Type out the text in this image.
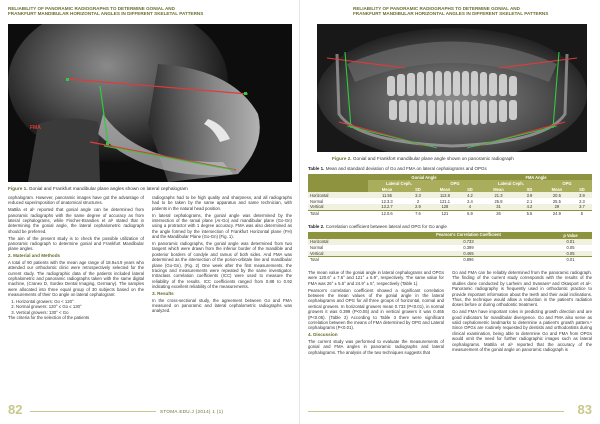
RELIABILITY OF PANORAMIC RADIOGRAPHS TO DETERMINE GONIAL AND
FRANKFURT MANDIBULAR HORIZONTAL ANGLES IN DIFFERENT SKELETAL PATTERNS
FMA
Figure 1. Gonial and Frankfurt mandibular plane angles shown on lateral cephalogram

cephalogram. However, panoramic images have got the advantage of reduced superimposition of anatomical structures.

Mattila et al¹ reported that gonial angle can be determined from panoramic radiographs with the same degree of accuracy as from lateral cephalograms, while Fischer-Brandies et al² stated that in determining the gonial angle, the lateral cephalometric radiograph should be preferred.

The aim of the present study is to check the possible utilization of panoramic radiograph to determine gonial and Frankfurt Mandibular plane angles.

2. Material and Methods

A total of 90 patients with the mean age range of 18.9±4.9 years who attended our orthodontic clinic were retrospectively selected for the current study. The radiographic data of the patients included lateral cephalometric and panoramic radiographs taken with the same digital machine, (Cranex D, Sordex Dental Imaging, Germany). The samples were allocated into three equal group of 30 subjects based on the measurements of their Go angle on lateral cephalogram:

1. Horizontal growers: Go < 120°
2. Normal growers: 120° ≤ Go ≤ 130°
3. Vertical growers: 130° < Go

The criteria for the selection of the patients

radiographs had to be high quality and sharpness, and all radiographs had to be taken by the same apparatus and same technician, with patients in the natural head position.

In lateral cephalograms, the gonial angle was determined by the intersection of the ramal plane (Ar-Go) and mandibular plane (Go-Gn) using a protractor with 1 degree accuracy. FMA was also determined as the angle formed by the intersection of Frankfurt Horizontal plane (FH) and the Mandibular Plane (Go-Gn) (Fig. 1).

In panoramic radiographs, the gonial angle was determined from two tangent which were drawn from the inferior border of the mandible and posterior borders of condyle and ramus of both sides. And FMA was determined as the intersection of the porion-orbitale line and mandibular plane (Go-Gn). (Fig. 2) One week after the first measurements, the tracings and measurements were repeated by the same investigator. Intraclass correlation coefficients (ICC) were used to measure the reliability of the results. ICC coefficients ranged from 0.88 to 0.92 indicating excellent reliability of the measurements.

3. Results

In the cross-sectional study, the agreement between Go and FMA measured on panoramic and lateral cephalometric radiographs was analyzed.

82	STOMA.EDU.J (2014) 1 (1)
RELIABILITY OF PANORAMIC RADIOGRAPHS TO DETERMINE GONIAL AND
FRANKFURT MANDIBULAR HORIZONTAL ANGLES IN DIFFERENT SKELETAL PATTERNS
Figure 2. Gonial and Frankfort mandibular plane angle shown on panoramic radiograph
Table 1. Mean and standard deviation of Go and FMA on lateral cephalograms and OPGs
	Gonial Angle				FMA Angle			
	Lateral Ceph.		OPG		Lateral Ceph.		OPG	
	Mean	SD	Mean	SD	Mean	SD	Mean	SD
Horizontal	11.55	3.3	113.8	4.2	21.3	3.9	20.5	3.9
Normal	12.3.3	2	121.1	2.4	25.8	2.1	25.5	2.3
Vertical	13.2.7	2.9	128	4	31	4.2	29	3.7
Total	12.0.6	7.6	121	6.9	26	5.5	24.9	5
Table 2. Correlation coefficient between lateral and OPG for Go angle
	Pearson's Correlation Coefficient	p Value
Horizontal	0.733	0.01
Normal	0.399	0.05
Vertical	0.465	0.05
Total	0.896	0.01

The mean value of the gonial angle in lateral cephalograms and OPGs were 120.6° ± 7.6° and 121° ± 6.9°, respectively. The same value for FMA was 26° ± 5.5° and 24.9° ± 5°, respectively (Table 1).

Pearson's correlation coefficient showed a significant correlation between the mean values of the gonial angle in the lateral cephalograms and OPG for all three groups of horizontal, normal and vertical growers. In horizontal growers mean 0.733 (P<0.01), in normal growers it was 0.399 (P<0.05) and in vertical growers it was 0.465 (P<0.05). (Table 2) According to Table 3 there were significant correlation between the means of FMA determined by OPG and Lateral cephalograms (P<0.01).

4. Discussion

The current study was performed to evaluate the measurements of gonial and FMA angles in panoramic radiographs and lateral cephalograms. The analysis of the two techniques suggests that

Go and FMA can be reliably determined from the panoramic radiograph. The finding of the current study corresponds with the results of the studies done conducted by Larheim and Svanaes³ and Okasport et al⁴. Panoramic radiography is frequently used in orthodontic practice to provide important information about the teeth and their axial inclinations. Thus, the technique would allow a reduction in the patient's radiation doses before or during orthodontic treatment.

Go and FMA have important roles in predicting growth direction and are good indicators for mandibular divergence. Go and FMA also serve as valid cephalometric landmarks to determine a patient's growth pattern.⁵ Since OPGs are routinely requested by dentists and orthodontists during clinical examination, being able to determine Go and FMA from OPGs would omit the need for further radiographic images such as lateral cephalograms. Mattila et al¹ reported that the accuracy of the measurement of the gonial angle on panoramic radiograph is

83
